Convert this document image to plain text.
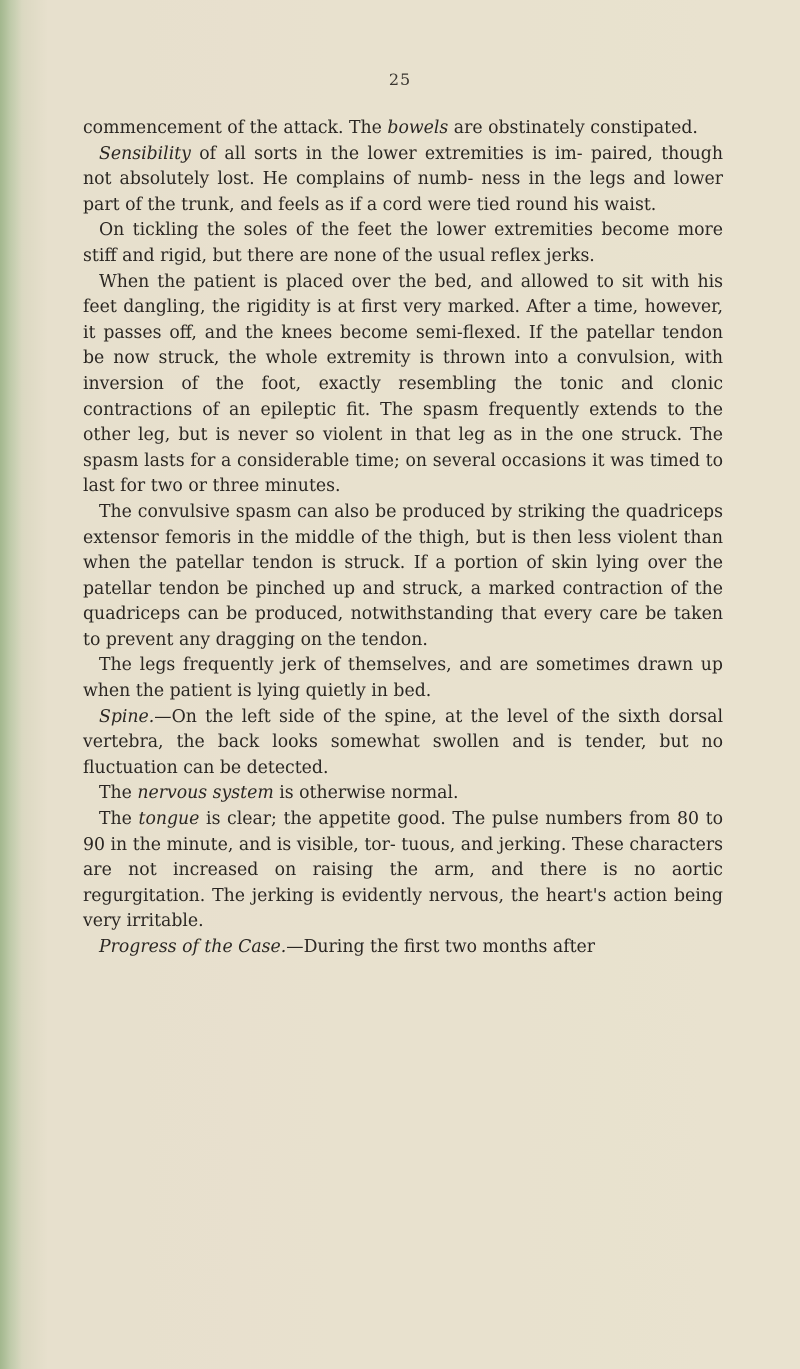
25

commencement of the attack. The bowels are obstinately constipated.

Sensibility of all sorts in the lower extremities is im- paired, though not absolutely lost. He complains of numb- ness in the legs and lower part of the trunk, and feels as if a cord were tied round his waist.

On tickling the soles of the feet the lower extremities become more stiff and rigid, but there are none of the usual reflex jerks.

When the patient is placed over the bed, and allowed to sit with his feet dangling, the rigidity is at first very marked. After a time, however, it passes off, and the knees become semi-flexed. If the patellar tendon be now struck, the whole extremity is thrown into a convulsion, with inversion of the foot, exactly resembling the tonic and clonic contractions of an epileptic fit. The spasm frequently extends to the other leg, but is never so violent in that leg as in the one struck. The spasm lasts for a considerable time; on several occasions it was timed to last for two or three minutes.

The convulsive spasm can also be produced by striking the quadriceps extensor femoris in the middle of the thigh, but is then less violent than when the patellar tendon is struck. If a portion of skin lying over the patellar tendon be pinched up and struck, a marked contraction of the quadriceps can be produced, notwithstanding that every care be taken to prevent any dragging on the tendon.

The legs frequently jerk of themselves, and are sometimes drawn up when the patient is lying quietly in bed.

Spine.—On the left side of the spine, at the level of the sixth dorsal vertebra, the back looks somewhat swollen and is tender, but no fluctuation can be detected.

The nervous system is otherwise normal.

The tongue is clear; the appetite good. The pulse numbers from 80 to 90 in the minute, and is visible, tor- tuous, and jerking. These characters are not increased on raising the arm, and there is no aortic regurgitation. The jerking is evidently nervous, the heart's action being very irritable.

Progress of the Case.—During the first two months after
